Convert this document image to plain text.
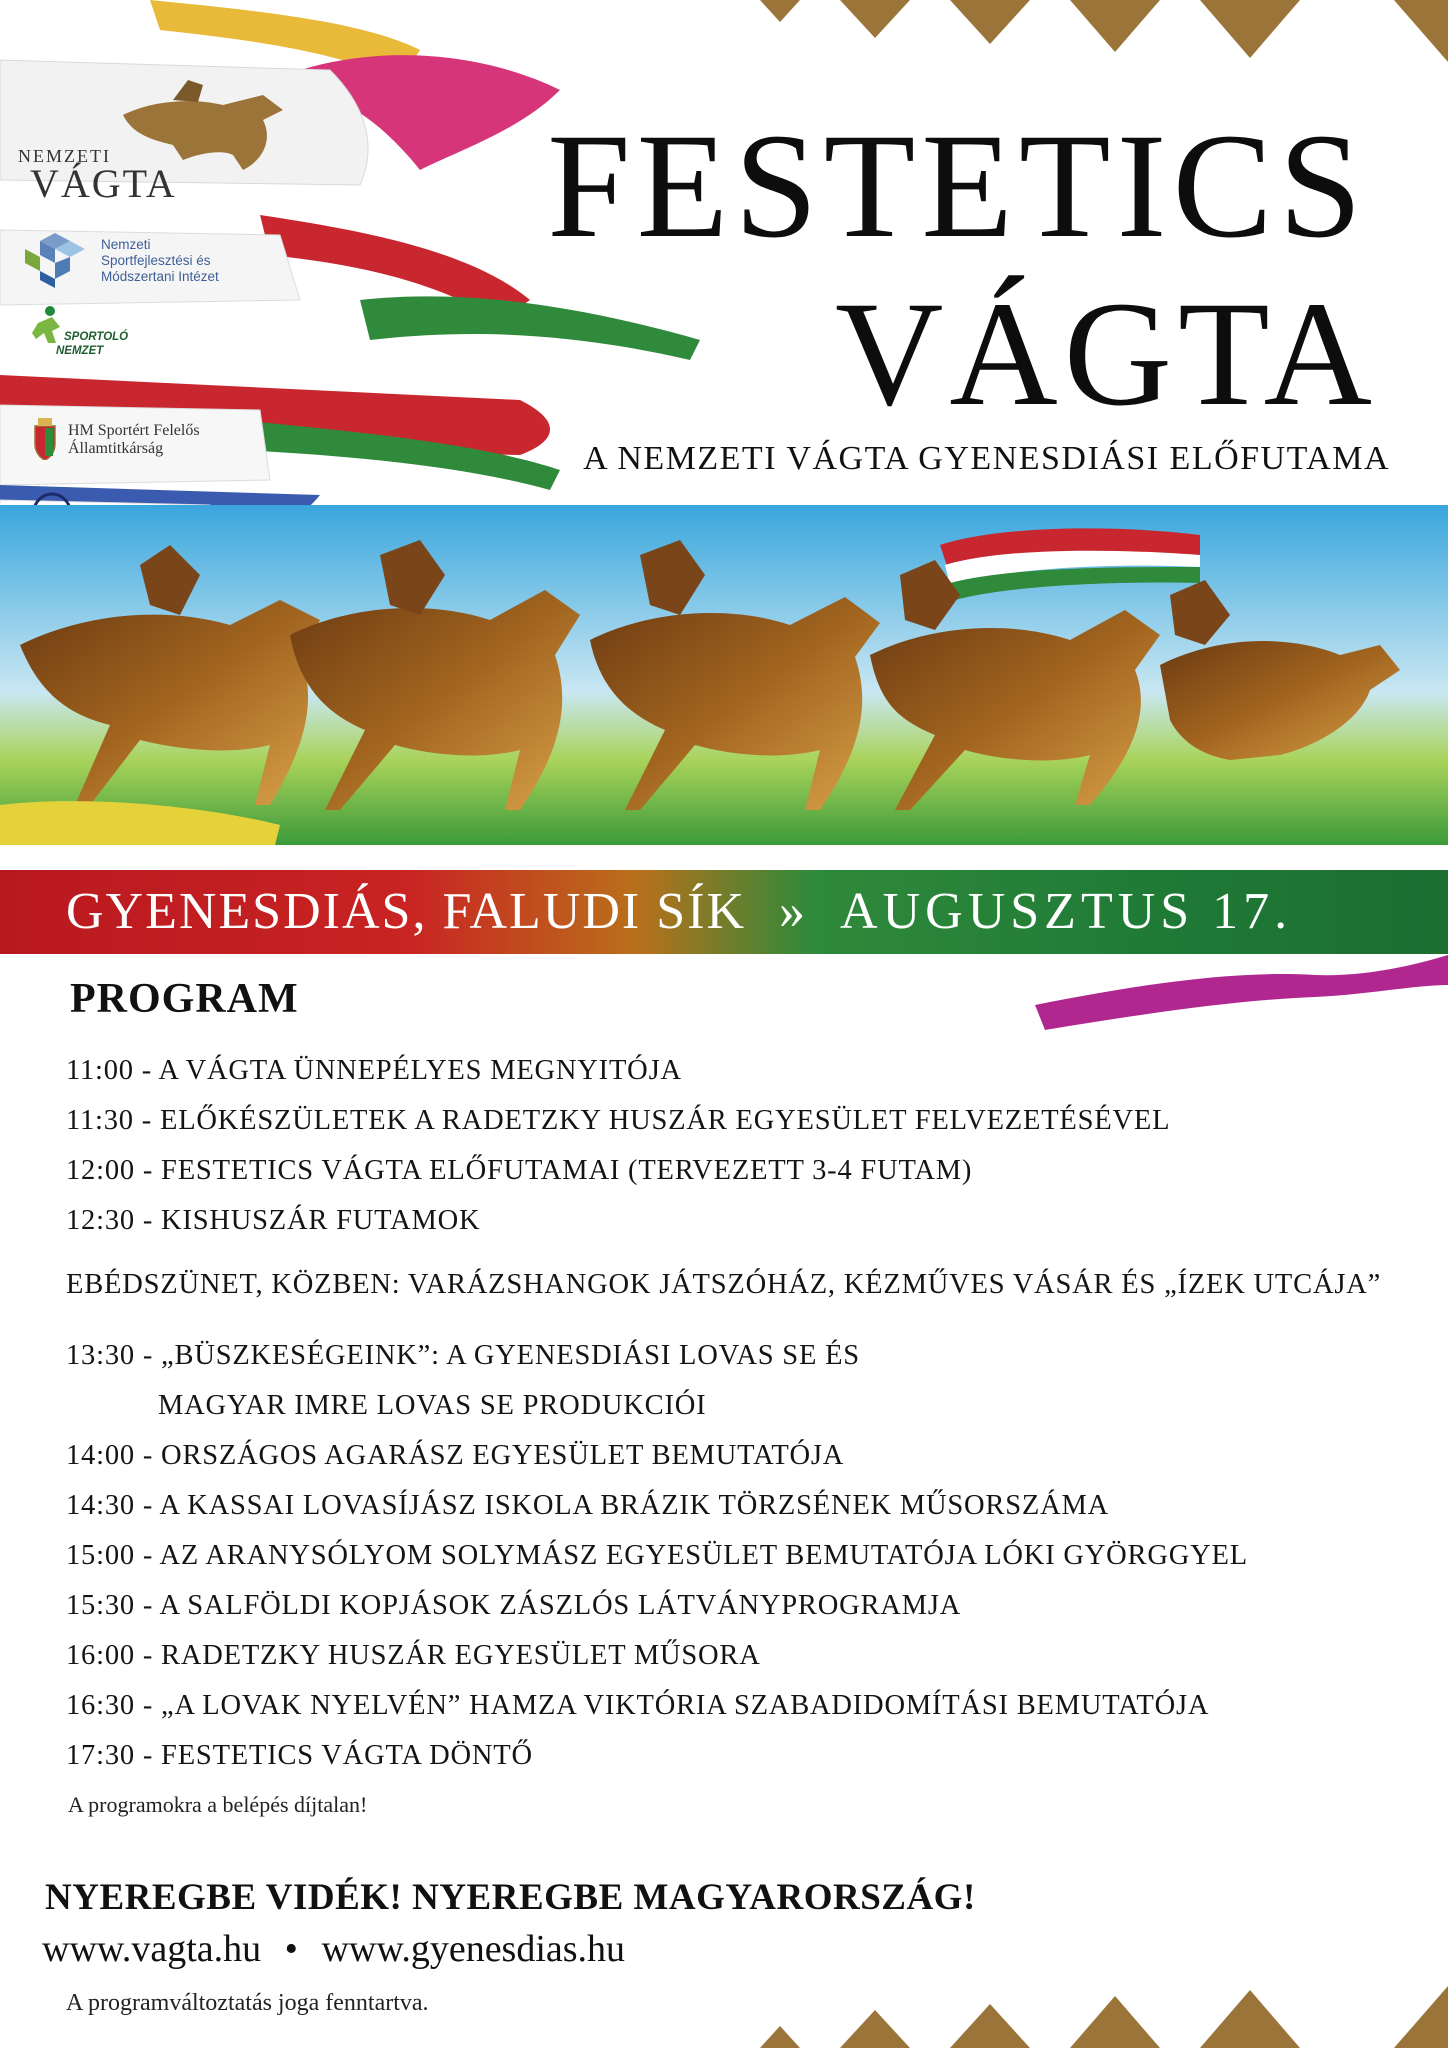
NEMZETI
VÁGTA
Nemzeti
Sportfejlesztési és
Módszertani Intézet
SPORTOLÓ
NEMZET
HM Sportért Felelős
Államtitkárság
FESTETICS
VÁGTA
A NEMZETI VÁGTA GYENESDIÁSI ELŐFUTAMA
GYENESDIÁS, FALUDI SÍK » AUGUSZTUS 17.
PROGRAM
11:00 - A VÁGTA ÜNNEPÉLYES MEGNYITÓJA
11:30 - ELŐKÉSZÜLETEK A RADETZKY HUSZÁR EGYESÜLET FELVEZETÉSÉVEL
12:00 - FESTETICS VÁGTA ELŐFUTAMAI (TERVEZETT 3-4 FUTAM)
12:30 - KISHUSZÁR FUTAMOK
EBÉDSZÜNET, KÖZBEN: VARÁZSHANGOK JÁTSZÓHÁZ, KÉZMŰVES VÁSÁR ÉS „ÍZEK UTCÁJA”
13:30 - „BÜSZKESÉGEINK”: A GYENESDIÁSI LOVAS SE ÉS
MAGYAR IMRE LOVAS SE PRODUKCIÓI
14:00 - ORSZÁGOS AGARÁSZ EGYESÜLET BEMUTATÓJA
14:30 - A KASSAI LOVASÍJÁSZ ISKOLA BRÁZIK TÖRZSÉNEK MŰSORSZÁMA
15:00 - AZ ARANYSÓLYOM SOLYMÁSZ EGYESÜLET BEMUTATÓJA LÓKI GYÖRGGYEL
15:30 - A SALFÖLDI KOPJÁSOK ZÁSZLÓS LÁTVÁNYPROGRAMJA
16:00 - RADETZKY HUSZÁR EGYESÜLET MŰSORA
16:30 - „A LOVAK NYELVÉN” HAMZA VIKTÓRIA SZABADIDOMÍTÁSI BEMUTATÓJA
17:30 - FESTETICS VÁGTA DÖNTŐ
A programokra a belépés díjtalan!
NYEREGBE VIDÉK! NYEREGBE MAGYARORSZÁG!
www.vagta.hu • www.gyenesdias.hu
A programváltoztatás joga fenntartva.
